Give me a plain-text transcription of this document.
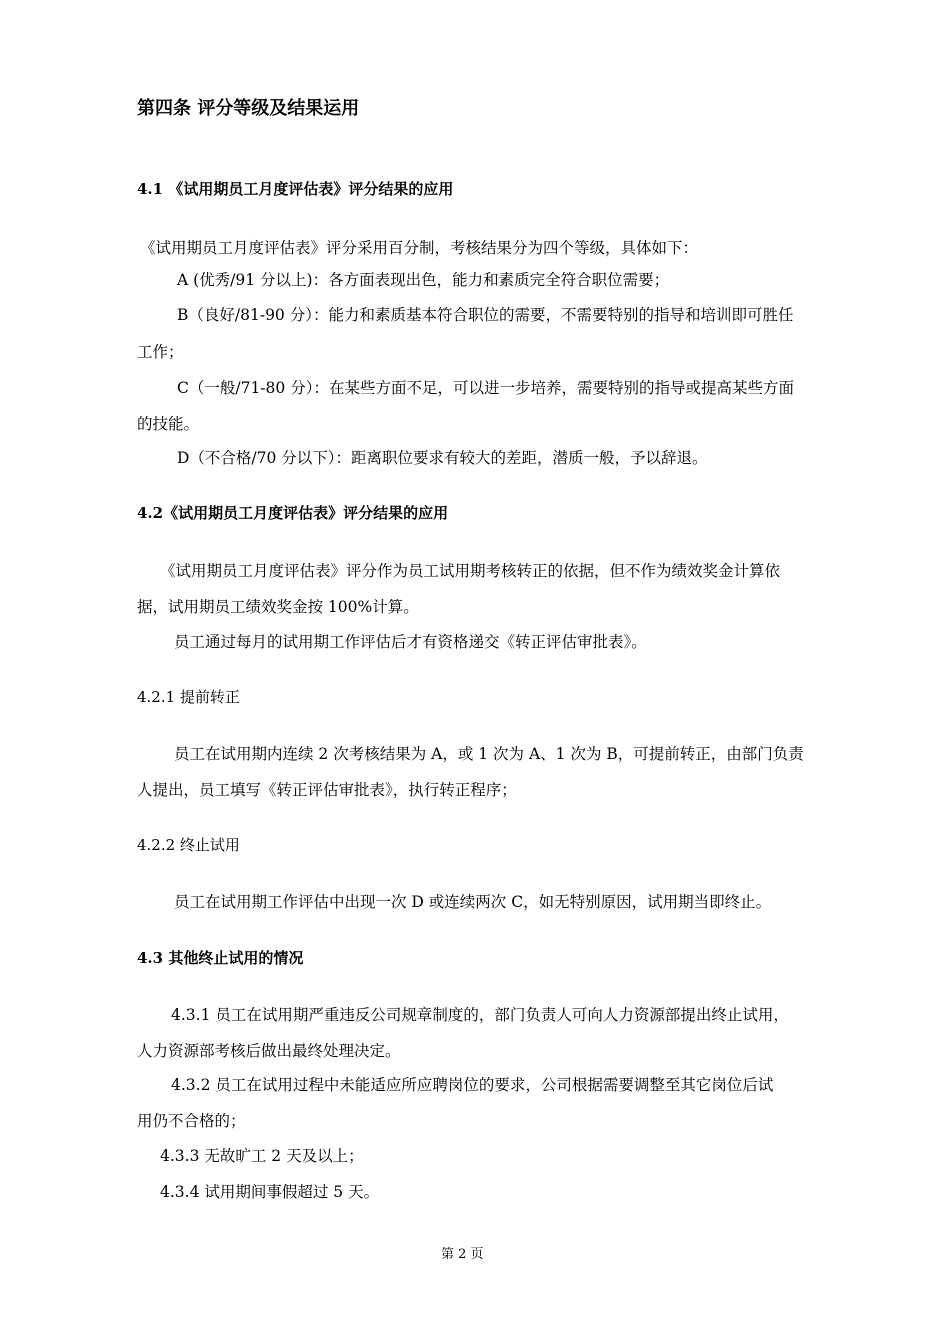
第四条 评分等级及结果运用
4.1 《试用期员工月度评估表》评分结果的应用
《试用期员工月度评估表》评分采用百分制，考核结果分为四个等级，具体如下：
A (优秀/91 分以上)：各方面表现出色，能力和素质完全符合职位需要；
B（良好/81-90 分）：能力和素质基本符合职位的需要，不需要特别的指导和培训即可胜任
工作；
C（一般/71-80 分）：在某些方面不足，可以进一步培养，需要特别的指导或提高某些方面
的技能。
D（不合格/70 分以下）：距离职位要求有较大的差距，潜质一般，予以辞退。
4.2《试用期员工月度评估表》评分结果的应用
《试用期员工月度评估表》评分作为员工试用期考核转正的依据，但不作为绩效奖金计算依
据，试用期员工绩效奖金按 100%计算。
员工通过每月的试用期工作评估后才有资格递交《转正评估审批表》。
4.2.1 提前转正
员工在试用期内连续 2 次考核结果为 A，或 1 次为 A、1 次为 B，可提前转正，由部门负责
人提出，员工填写《转正评估审批表》，执行转正程序；
4.2.2 终止试用
员工在试用期工作评估中出现一次 D 或连续两次 C，如无特别原因，试用期当即终止。
4.3 其他终止试用的情况
4.3.1 员工在试用期严重违反公司规章制度的，部门负责人可向人力资源部提出终止试用，
人力资源部考核后做出最终处理决定。
4.3.2 员工在试用过程中未能适应所应聘岗位的要求，公司根据需要调整至其它岗位后试
用仍不合格的；
4.3.3 无故旷工 2 天及以上；
4.3.4 试用期间事假超过 5 天。
第 2 页
